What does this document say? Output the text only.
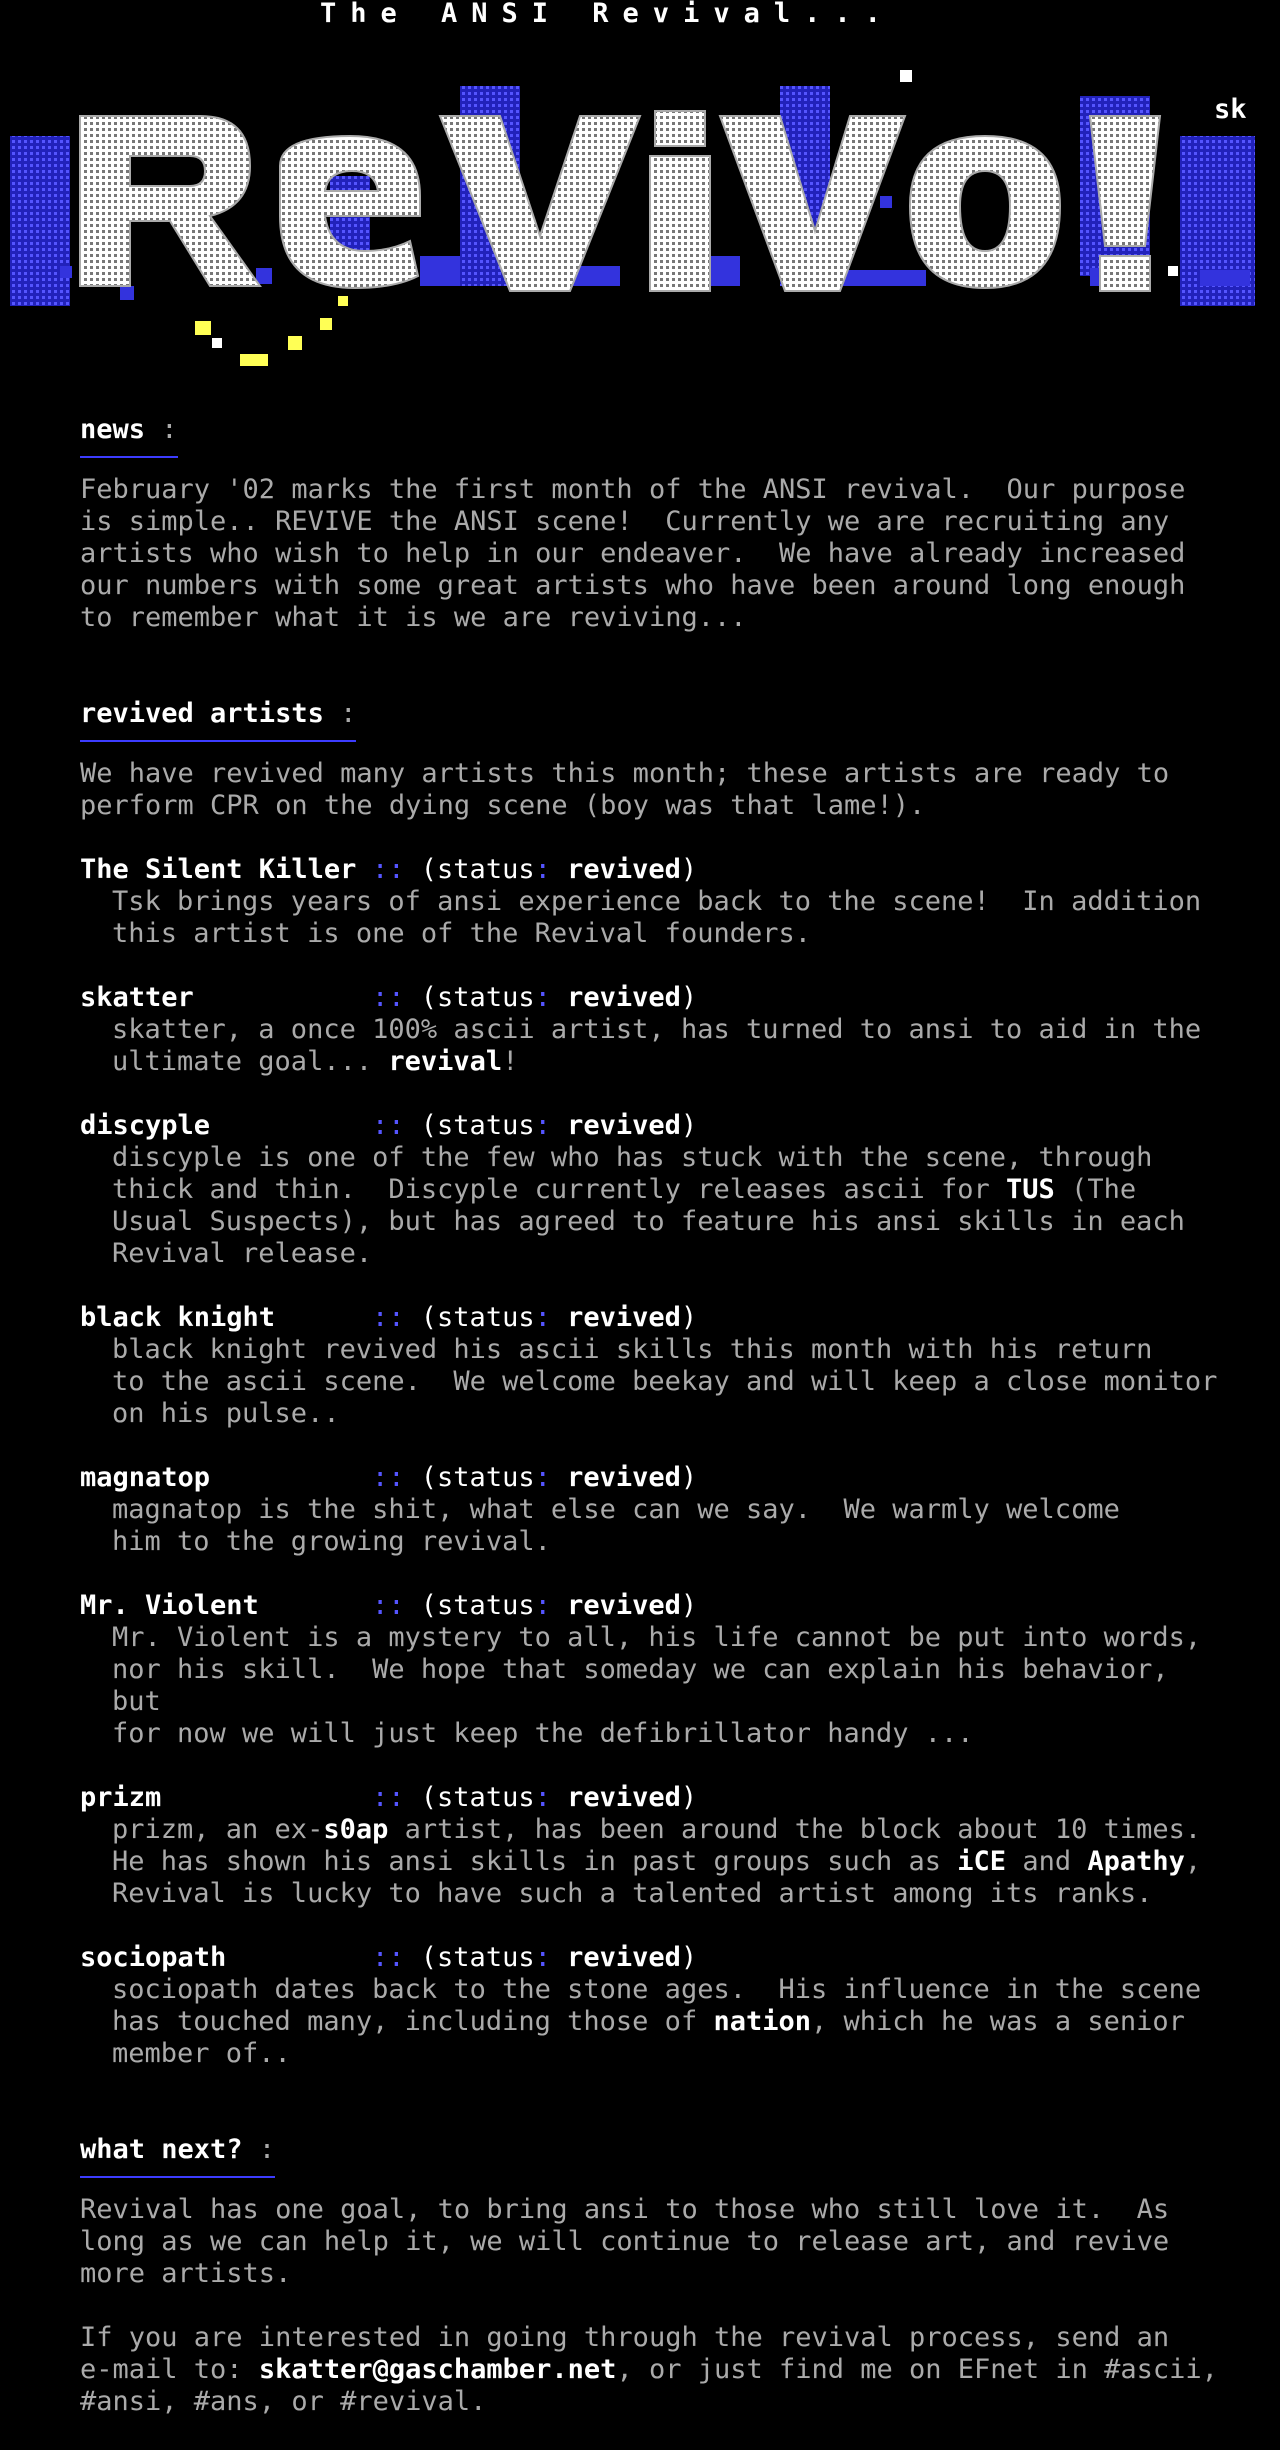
The ANSI Revival...
sk
news :
February '02 marks the first month of the ANSI revival.  Our purpose
is simple.. REVIVE the ANSI scene!  Currently we are recruiting any
artists who wish to help in our endeaver.  We have already increased
our numbers with some great artists who have been around long enough
to remember what it is we are reviving...
revived artists :
We have revived many artists this month; these artists are ready to
perform CPR on the dying scene (boy was that lame!).
The Silent Killer :: (status: revived)
Tsk brings years of ansi experience back to the scene!  In addition
this artist is one of the Revival founders.
skatter	:: (status: revived)
skatter, a once 100% ascii artist, has turned to ansi to aid in the
ultimate goal... revival!
discyple	:: (status: revived)
discyple is one of the few who has stuck with the scene, through
thick and thin.  Discyple currently releases ascii for TUS (The
Usual Suspects), but has agreed to feature his ansi skills in each
Revival release.
black knight	:: (status: revived)
black knight revived his ascii skills this month with his return
to the ascii scene.  We welcome beekay and will keep a close monitor
on his pulse..
magnatop	:: (status: revived)
magnatop is the shit, what else can we say.  We warmly welcome
him to the growing revival.
Mr. Violent	:: (status: revived)
Mr. Violent is a mystery to all, his life cannot be put into words,
nor his skill.  We hope that someday we can explain his behavior, but
for now we will just keep the defibrillator handy ...
prizm	:: (status: revived)
prizm, an ex-s0ap artist, has been around the block about 10 times.
He has shown his ansi skills in past groups such as iCE and Apathy,
Revival is lucky to have such a talented artist among its ranks.
sociopath	:: (status: revived)
sociopath dates back to the stone ages.  His influence in the scene
has touched many, including those of nation, which he was a senior
member of..
what next? :
Revival has one goal, to bring ansi to those who still love it.  As
long as we can help it, we will continue to release art, and revive
more artists.
If you are interested in going through the revival process, send an
e-mail to: skatter@gaschamber.net, or just find me on EFnet in #ascii,
#ansi, #ans, or #revival.
